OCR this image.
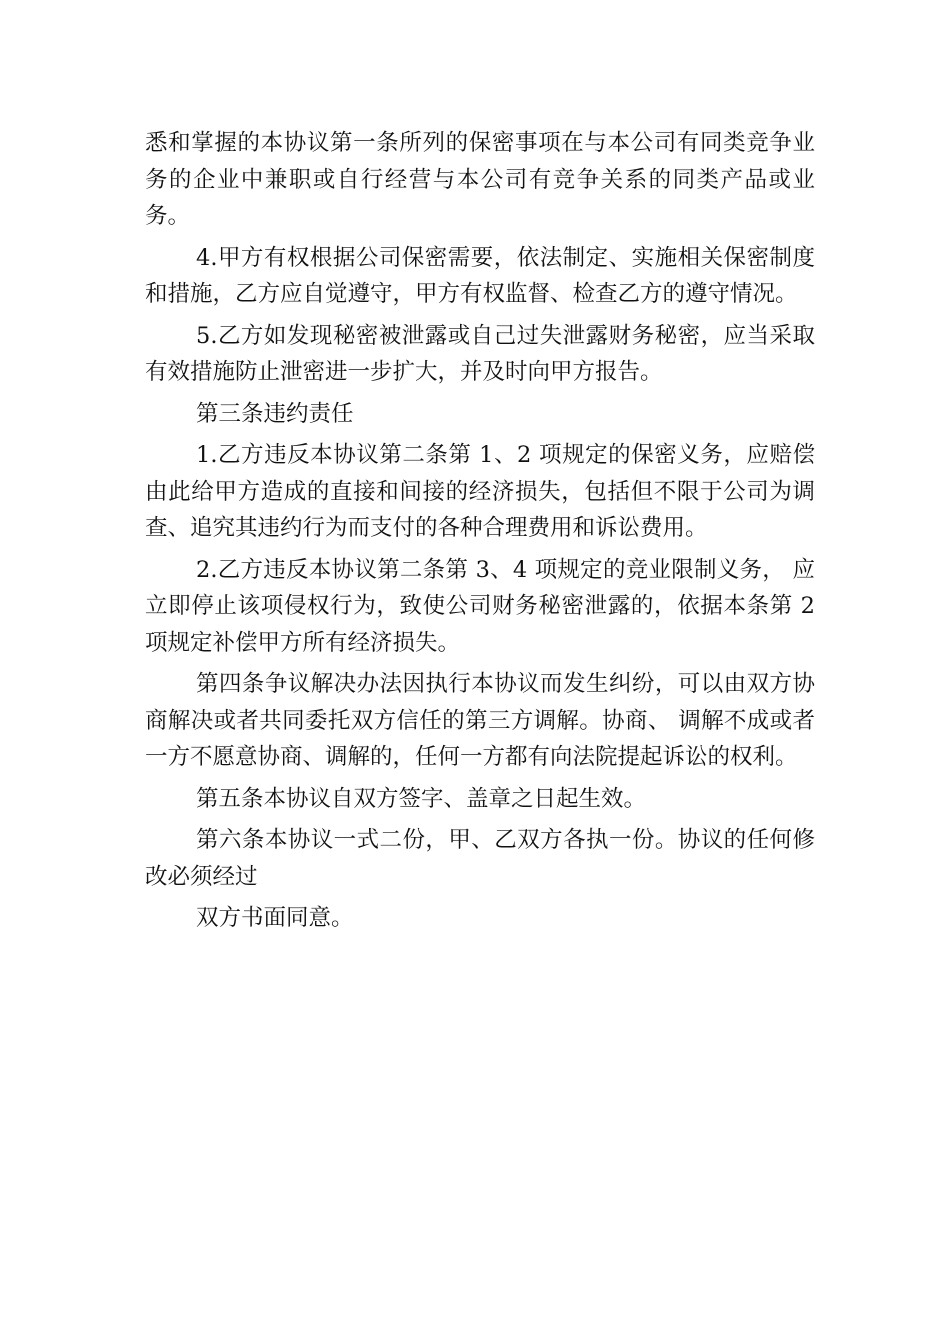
悉和掌握的本协议第一条所列的保密事项在与本公司有同类竞争业务的企业中兼职或自行经营与本公司有竞争关系的同类产品或业务。

4.甲方有权根据公司保密需要，依法制定、实施相关保密制度和措施，乙方应自觉遵守，甲方有权监督、检查乙方的遵守情况。

5.乙方如发现秘密被泄露或自己过失泄露财务秘密，应当采取有效措施防止泄密进一步扩大，并及时向甲方报告。

第三条违约责任

1.乙方违反本协议第二条第 1、2 项规定的保密义务，应赔偿由此给甲方造成的直接和间接的经济损失，包括但不限于公司为调查、追究其违约行为而支付的各种合理费用和诉讼费用。

2.乙方违反本协议第二条第 3、4 项规定的竞业限制义务， 应立即停止该项侵权行为，致使公司财务秘密泄露的，依据本条第 2 项规定补偿甲方所有经济损失。

第四条争议解决办法因执行本协议而发生纠纷，可以由双方协商解决或者共同委托双方信任的第三方调解。协商、 调解不成或者一方不愿意协商、调解的，任何一方都有向法院提起诉讼的权利。

第五条本协议自双方签字、盖章之日起生效。

第六条本协议一式二份，甲、乙双方各执一份。协议的任何修改必须经过

双方书面同意。
